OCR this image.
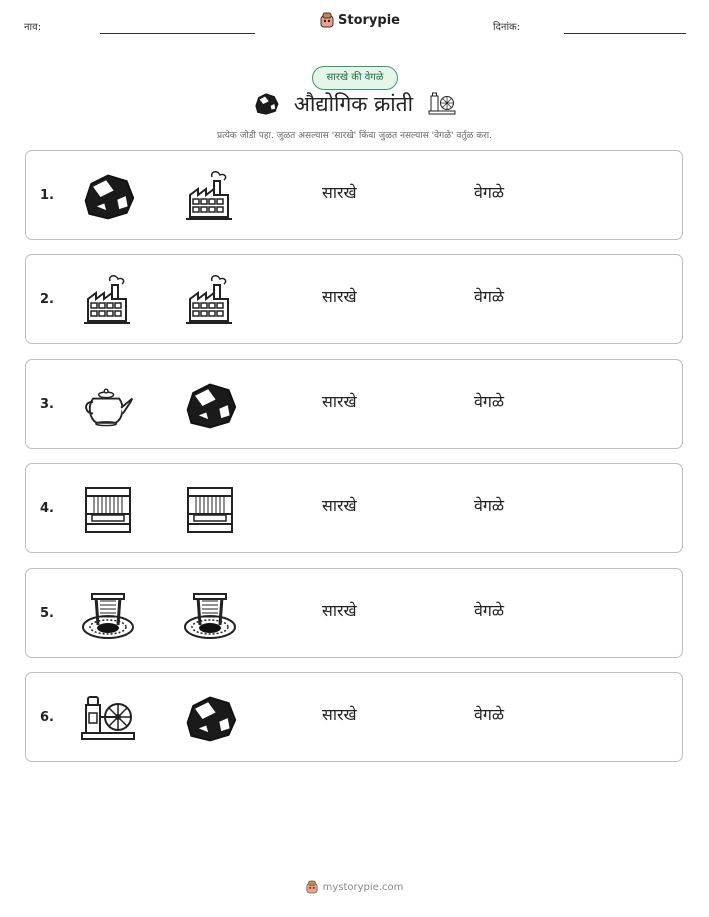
नाव:	Storypie	दिनांक:
सारखे की वेगळे
औद्योगिक क्रांती
प्रत्येक जोडी पहा. जुळत असल्यास 'सारखे' किंवा जुळत नसल्यास 'वेगळे' वर्तुळ करा.
1.	सारखे	वेगळे
2.	सारखे	वेगळे
3.	सारखे	वेगळे
4.	सारखे	वेगळे
5.	सारखे	वेगळे
6.	सारखे	वेगळे
mystorypie.com
